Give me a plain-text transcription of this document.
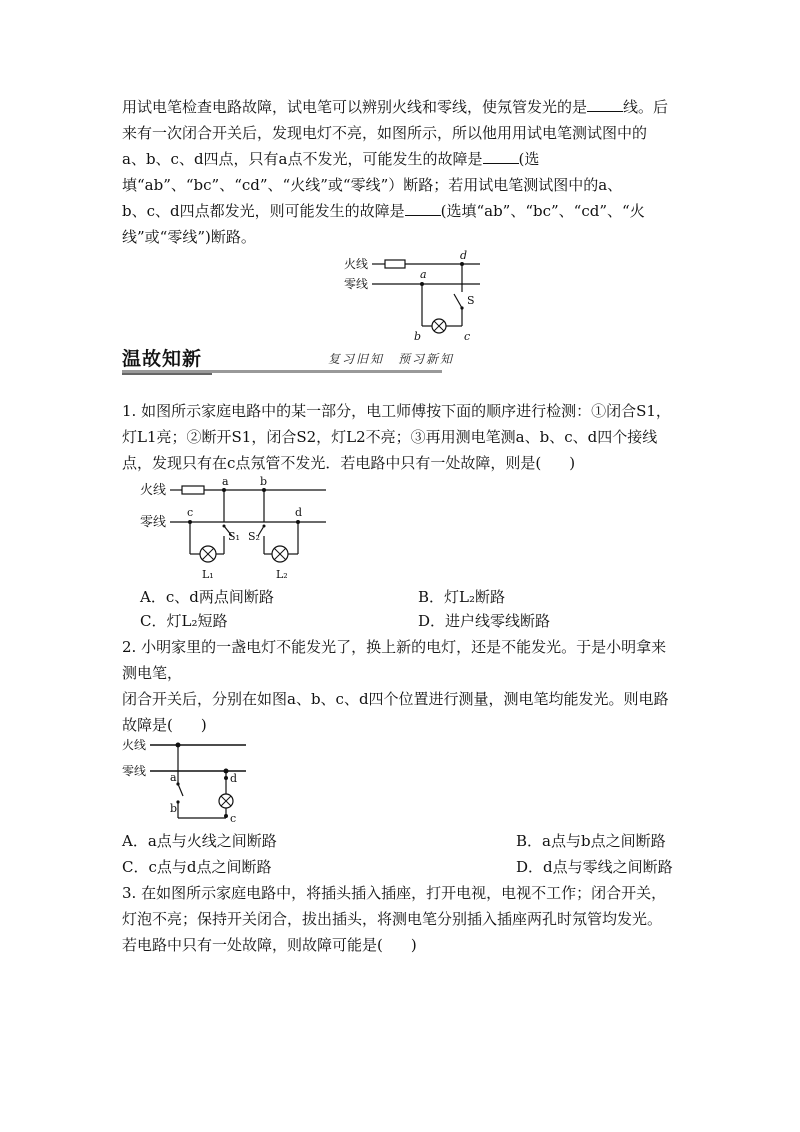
用试电笔检查电路故障，试电笔可以辨别火线和零线，使氖管发光的是 线。后
来有一次闭合开关后，发现电灯不亮，如图所示，所以他用用试电笔测试图中的
a、b、c、d四点，只有a点不发光，可能发生的故障是 (选
填“ab”、“bc”、“cd”、“火线”或“零线”）断路；若用试电笔测试图中的a、
b、c、d四点都发光，则可能发生的故障是 (选填“ab”、“bc”、“cd”、“火
线”或“零线”)断路。
火线
零线
a
d
S
b	c
温故知新	复习旧知　预习新知
1. 如图所示家庭电路中的某一部分，电工师傅按下面的顺序进行检测：①闭合S1，
灯L1亮；②断开S1，闭合S2，灯L2不亮；③再用测电笔测a、b、c、d四个接线
点，发现只有在c点氖管不发光．若电路中只有一处故障，则是( )
火线
零线
a	b
c	d
S₁
L₁
S₂
L₂
A．c、d两点间断路	B．灯L₂断路
C．灯L₂短路	D．进户线零线断路
2. 小明家里的一盏电灯不能发光了，换上新的电灯，还是不能发光。于是小明拿来
测电笔，
闭合开关后，分别在如图a、b、c、d四个位置进行测量，测电笔均能发光。则电路
故障是( )
火线
零线 a
b
d
c
A．a点与火线之间断路	B．a点与b点之间断路
C．c点与d点之间断路	D．d点与零线之间断路
3. 在如图所示家庭电路中，将插头插入插座，打开电视，电视不工作；闭合开关，
灯泡不亮；保持开关闭合，拔出插头，将测电笔分别插入插座两孔时氖管均发光。
若电路中只有一处故障，则故障可能是( )
